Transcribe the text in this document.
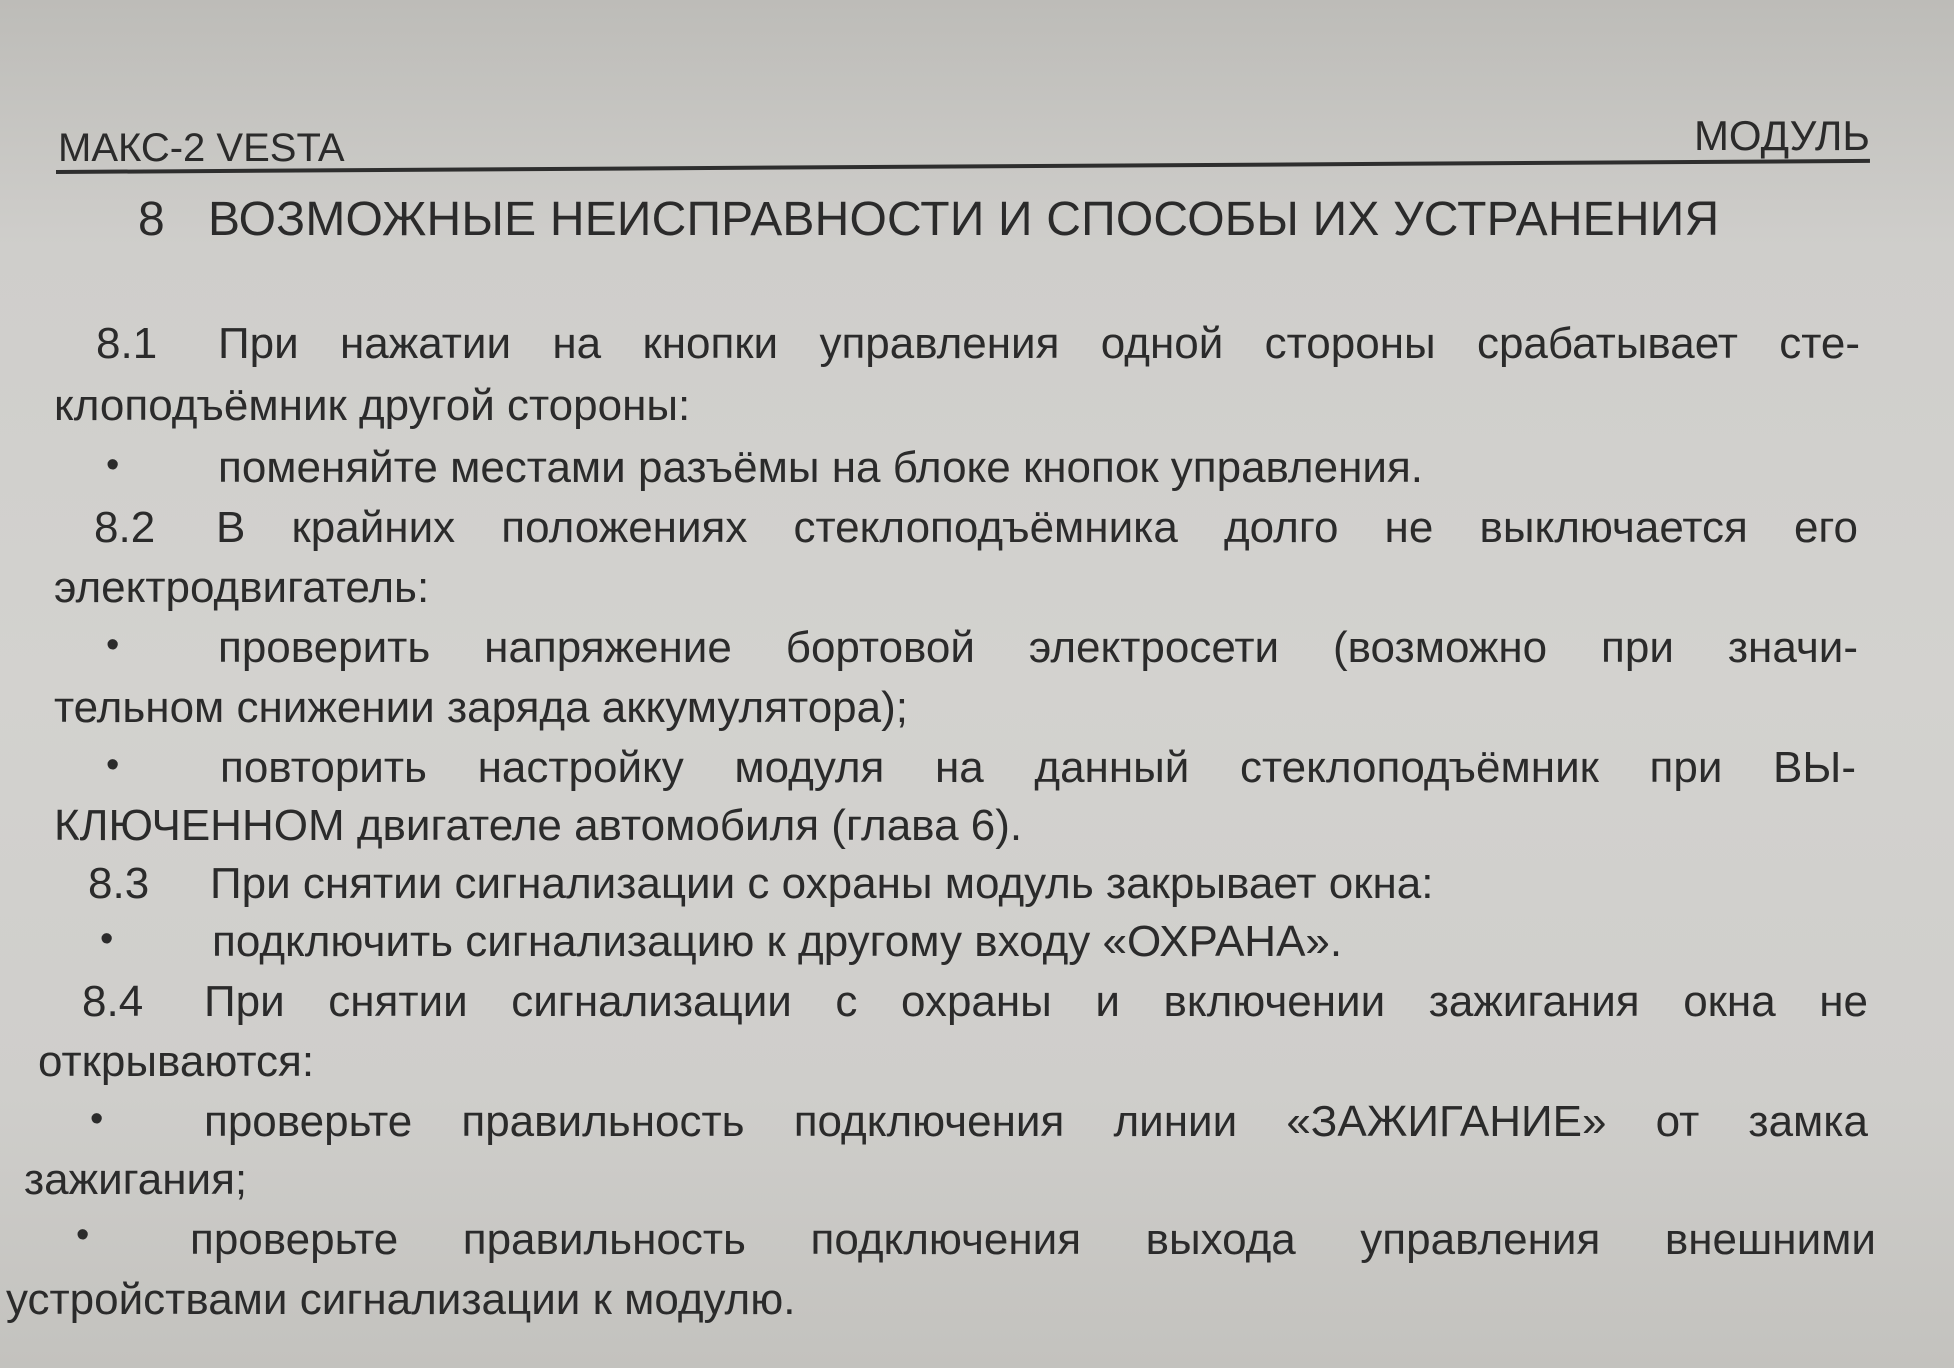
МАКС-2 VESTA	МОДУЛЬ
8 ВОЗМОЖНЫЕ НЕИСПРАВНОСТИ И СПОСОБЫ ИХ УСТРАНЕНИЯ
8.1 При нажатии на кнопки управления одной стороны срабатывает сте-
клоподъёмник другой стороны:
• поменяйте местами разъёмы на блоке кнопок управления.
8.2 В крайних положениях стеклоподъёмника долго не выключается его
электродвигатель:
• проверить напряжение бортовой электросети (возможно при значи-
тельном снижении заряда аккумулятора);
• повторить настройку модуля на данный стеклоподъёмник при ВЫ-
КЛЮЧЕННОМ двигателе автомобиля (глава 6).
8.3 При снятии сигнализации с охраны модуль закрывает окна:
• подключить сигнализацию к другому входу «ОХРАНА».
8.4 При снятии сигнализации с охраны и включении зажигания окна не
открываются:
• проверьте правильность подключения линии «ЗАЖИГАНИЕ» от замка
зажигания;
• проверьте правильность подключения выхода управления внешними
устройствами сигнализации к модулю.
